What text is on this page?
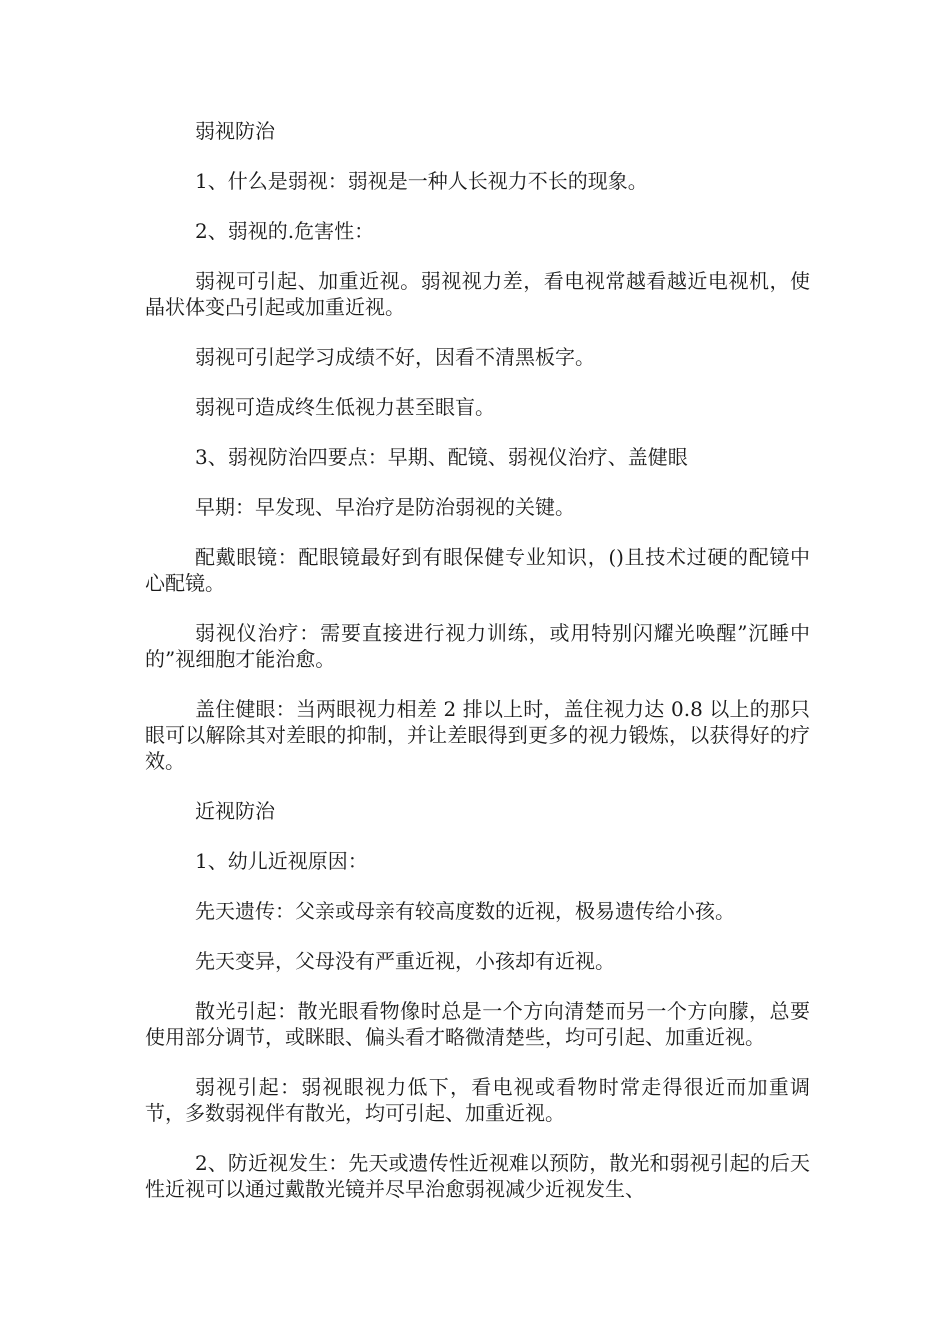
弱视防治

1、什么是弱视：弱视是一种人长视力不长的现象。

2、弱视的.危害性：

弱视可引起、加重近视。弱视视力差，看电视常越看越近电视机，使晶状体变凸引起或加重近视。

弱视可引起学习成绩不好，因看不清黑板字。

弱视可造成终生低视力甚至眼盲。

3、弱视防治四要点：早期、配镜、弱视仪治疗、盖健眼

早期：早发现、早治疗是防治弱视的关键。

配戴眼镜：配眼镜最好到有眼保健专业知识，()且技术过硬的配镜中心配镜。

弱视仪治疗：需要直接进行视力训练，或用特别闪耀光唤醒”沉睡中的”视细胞才能治愈。

盖住健眼：当两眼视力相差 2 排以上时，盖住视力达 0.8 以上的那只眼可以解除其对差眼的抑制，并让差眼得到更多的视力锻炼，以获得好的疗效。

近视防治

1、幼儿近视原因：

先天遗传：父亲或母亲有较高度数的近视，极易遗传给小孩。

先天变异，父母没有严重近视，小孩却有近视。

散光引起：散光眼看物像时总是一个方向清楚而另一个方向朦，总要使用部分调节，或眯眼、偏头看才略微清楚些，均可引起、加重近视。

弱视引起：弱视眼视力低下，看电视或看物时常走得很近而加重调节，多数弱视伴有散光，均可引起、加重近视。

2、防近视发生：先天或遗传性近视难以预防，散光和弱视引起的后天性近视可以通过戴散光镜并尽早治愈弱视减少近视发生、
